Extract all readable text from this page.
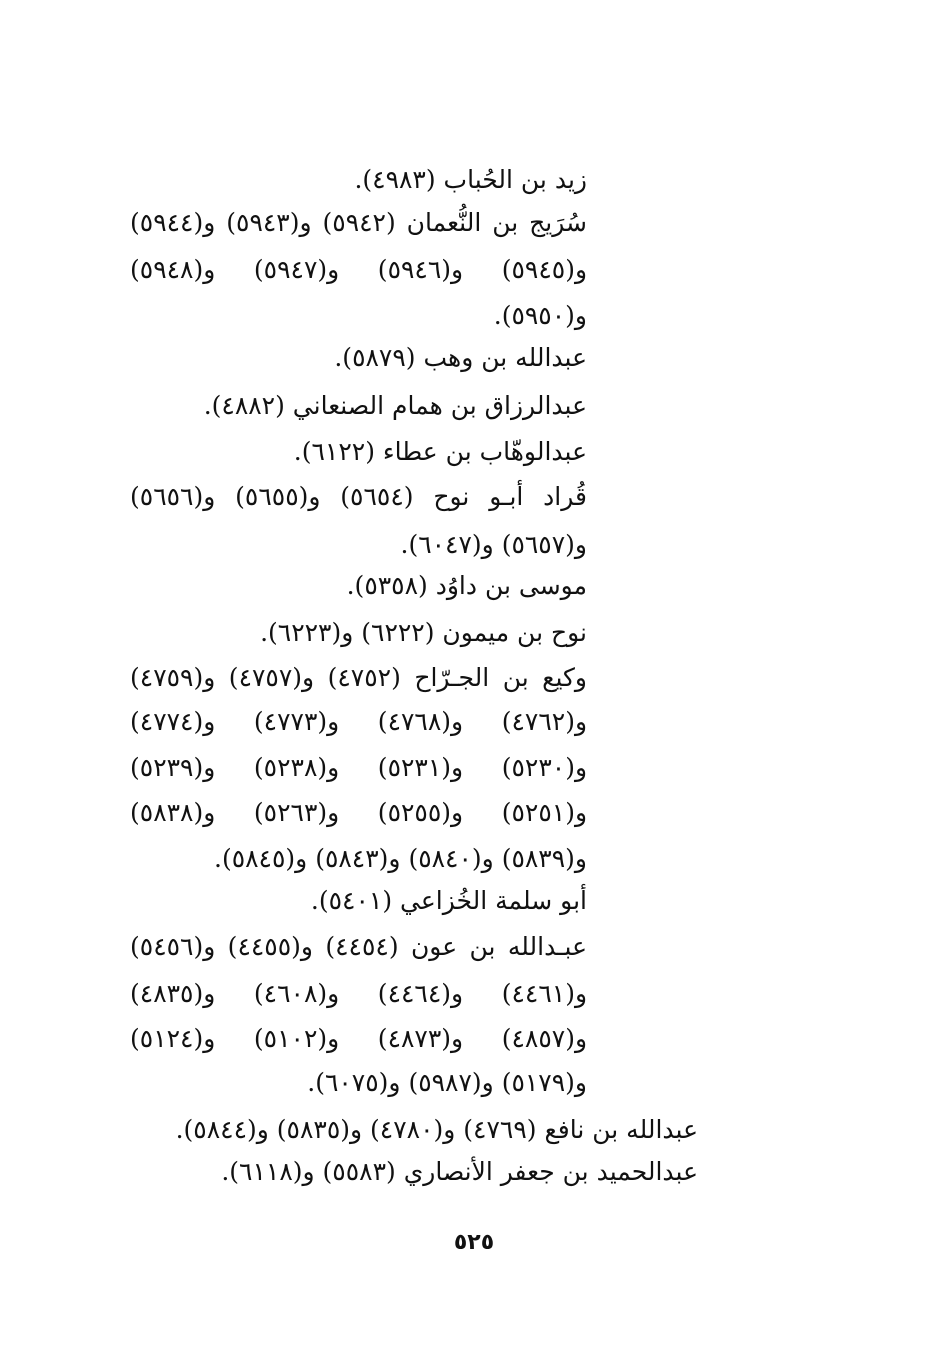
زيد بن الحُباب (٤٩٨٣).
سُرَيج بن النُّعمان (٥٩٤٢) و(٥٩٤٣) و(٥٩٤٤)
و(٥٩٤٥) و(٥٩٤٦) و(٥٩٤٧) و(٥٩٤٨)
و(٥٩٥٠).
عبدالله بن وهب (٥٨٧٩).
عبدالرزاق بن همام الصنعاني (٤٨٨٢).
عبدالوهّاب بن عطاء (٦١٢٢).
قُراد أبـو نوح (٥٦٥٤) و(٥٦٥٥) و(٥٦٥٦)
و(٥٦٥٧) و(٦٠٤٧).
موسى بن داوُد (٥٣٥٨).
نوح بن ميمون (٦٢٢٢) و(٦٢٢٣).
وكيع بن الجـرّاح (٤٧٥٢) و(٤٧٥٧) و(٤٧٥٩)
و(٤٧٦٢) و(٤٧٦٨) و(٤٧٧٣) و(٤٧٧٤)
و(٥٢٣٠) و(٥٢٣١) و(٥٢٣٨) و(٥٢٣٩)
و(٥٢٥١) و(٥٢٥٥) و(٥٢٦٣) و(٥٨٣٨)
و(٥٨٣٩) و(٥٨٤٠) و(٥٨٤٣) و(٥٨٤٥).
أبو سلمة الخُزاعي (٥٤٠١).
عبـدالله بن عون (٤٤٥٤) و(٤٤٥٥) و(٥٤٥٦)
و(٤٤٦١) و(٤٤٦٤) و(٤٦٠٨) و(٤٨٣٥)
و(٤٨٥٧) و(٤٨٧٣) و(٥١٠٢) و(٥١٢٤)
و(٥١٧٩) و(٥٩٨٧) و(٦٠٧٥).
عبدالله بن نافع (٤٧٦٩) و(٤٧٨٠) و(٥٨٣٥) و(٥٨٤٤).
عبدالحميد بن جعفر الأنصاري (٥٥٨٣) و(٦١١٨).
٥٢٥
